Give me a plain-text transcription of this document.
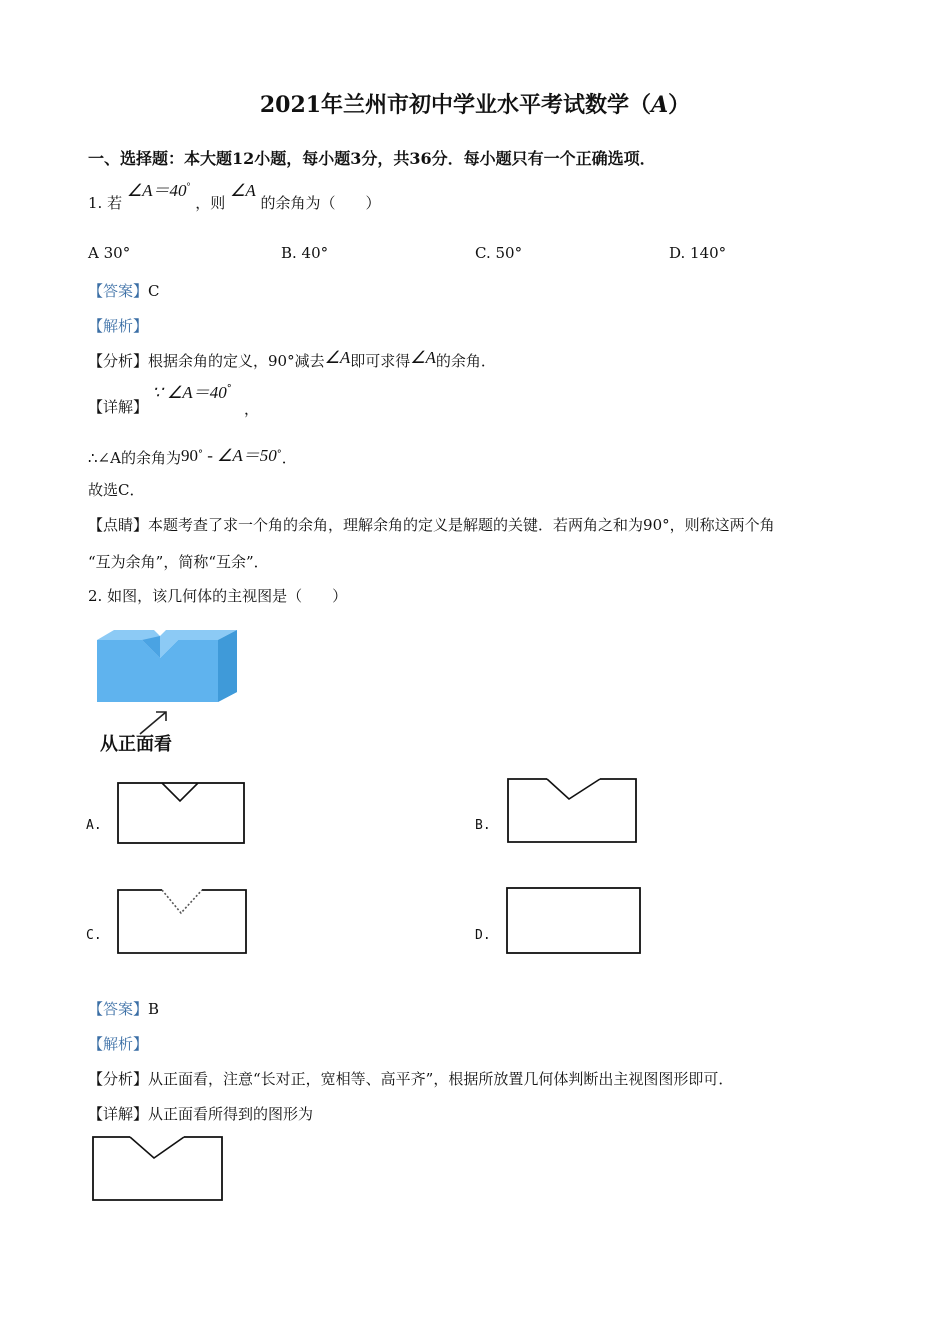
2021年兰州市初中学业水平考试数学（A）
一、选择题：本大题12小题，每小题3分，共36分．每小题只有一个正确选项．
1. 若 ∠A＝40° ，则 ∠A 的余角为（　　）
A 30°	B. 40°	C. 50°	D. 140°
【答案】C
【解析】
【分析】根据余角的定义，90°减去∠A即可求得∠A的余角．
【详解】
∵ ∠A＝40°
，
∴∠A的余角为90° - ∠A＝50°．
故选C．
【点睛】本题考查了求一个角的余角，理解余角的定义是解题的关键．若两角之和为90°，则称这两个角
“互为余角”，简称“互余”．
2. 如图，该几何体的主视图是（　　）
从正面看
A.	B.
C.	D.
【答案】B
【解析】
【分析】从正面看，注意“长对正，宽相等、高平齐”，根据所放置几何体判断出主视图图形即可．
【详解】从正面看所得到的图形为
